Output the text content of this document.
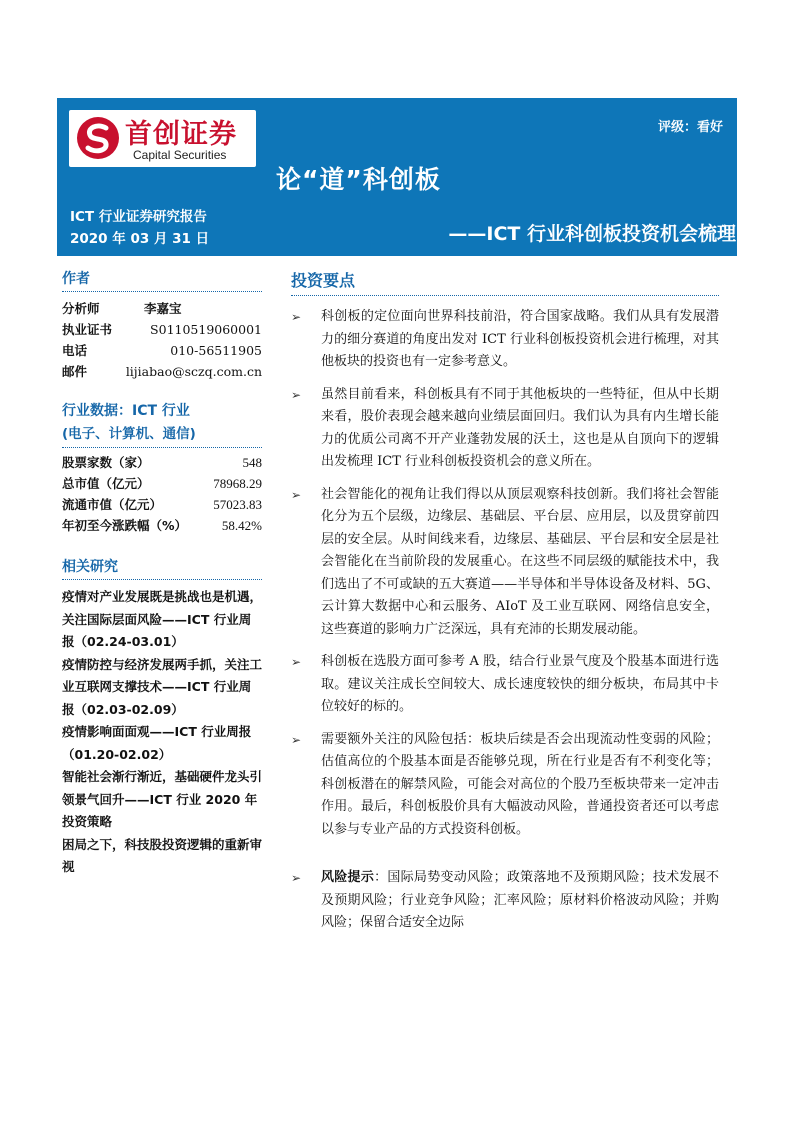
首创证券
Capital Securities
评级：看好
论“道”科创板
ICT 行业证券研究报告
2020 年 03 月 31 日	——ICT 行业科创板投资机会梳理
作者
分析师	李嘉宝
执业证书	S0110519060001
电话	010-56511905
邮件	lijiabao@sczq.com.cn
行业数据：ICT 行业
(电子、计算机、通信)
股票家数（家）	548
总市值（亿元）	78968.29
流通市值（亿元）	57023.83
年初至今涨跌幅（%）	58.42%
相关研究
疫情对产业发展既是挑战也是机遇，关注国际层面风险——ICT 行业周报（02.24-03.01）
疫情防控与经济发展两手抓，关注工业互联网支撑技术——ICT 行业周报（02.03-02.09）
疫情影响面面观——ICT 行业周报（01.20-02.02）
智能社会渐行渐近，基础硬件龙头引领景气回升——ICT 行业 2020 年投资策略
困局之下，科技股投资逻辑的重新审视
投资要点
➢	科创板的定位面向世界科技前沿，符合国家战略。我们从具有发展潜力的细分赛道的角度出发对 ICT 行业科创板投资机会进行梳理，对其他板块的投资也有一定参考意义。
➢	虽然目前看来，科创板具有不同于其他板块的一些特征，但从中长期来看，股价表现会越来越向业绩层面回归。我们认为具有内生增长能力的优质公司离不开产业蓬勃发展的沃土，这也是从自顶向下的逻辑出发梳理 ICT 行业科创板投资机会的意义所在。
➢	社会智能化的视角让我们得以从顶层观察科技创新。我们将社会智能化分为五个层级，边缘层、基础层、平台层、应用层，以及贯穿前四层的安全层。从时间线来看，边缘层、基础层、平台层和安全层是社会智能化在当前阶段的发展重心。在这些不同层级的赋能技术中，我们选出了不可或缺的五大赛道——半导体和半导体设备及材料、5G、云计算大数据中心和云服务、AIoT 及工业互联网、网络信息安全，这些赛道的影响力广泛深远，具有充沛的长期发展动能。
➢	科创板在选股方面可参考 A 股，结合行业景气度及个股基本面进行选取。建议关注成长空间较大、成长速度较快的细分板块，布局其中卡位较好的标的。
➢	需要额外关注的风险包括：板块后续是否会出现流动性变弱的风险；估值高位的个股基本面是否能够兑现，所在行业是否有不利变化等；科创板潜在的解禁风险，可能会对高位的个股乃至板块带来一定冲击作用。最后，科创板股价具有大幅波动风险，普通投资者还可以考虑以参与专业产品的方式投资科创板。
➢	风险提示：国际局势变动风险；政策落地不及预期风险；技术发展不及预期风险；行业竞争风险；汇率风险；原材料价格波动风险；并购风险；保留合适安全边际
